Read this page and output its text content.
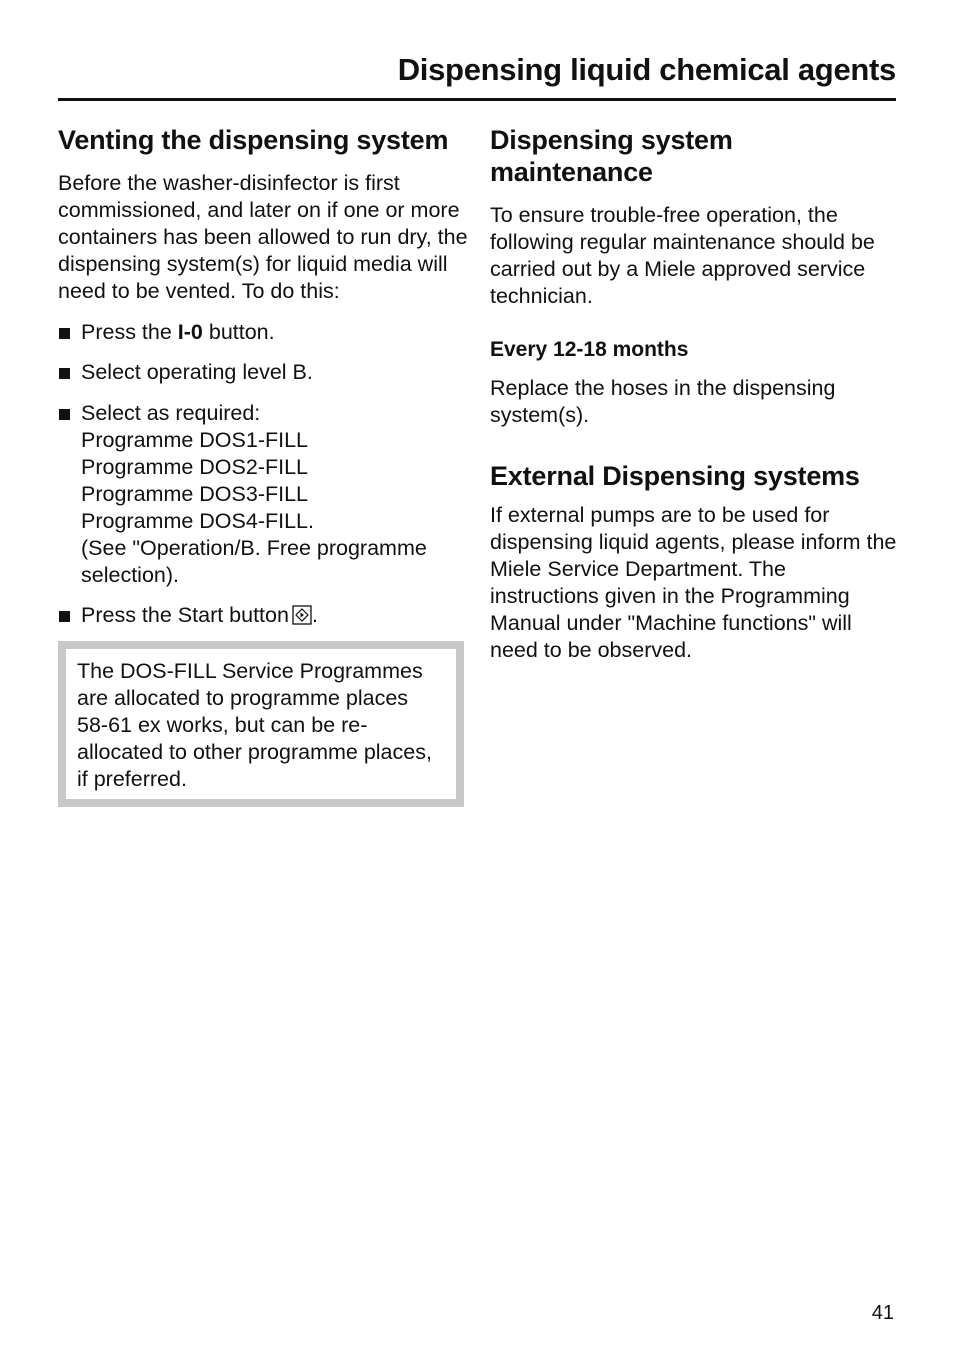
Dispensing liquid chemical agents
Venting the dispensing system

Before the washer-disinfector is first commissioned, and later on if one or more containers has been allowed to run dry, the dispensing system(s) for liquid media will need to be vented. To do this:

Press the I-0 button.
Select operating level B.
Select as required:
Programme DOS1-FILL
Programme DOS2-FILL
Programme DOS3-FILL
Programme DOS4-FILL.
(See "Operation/B. Free programme selection).
Press the Start button .

The DOS-FILL Service Programmes are allocated to programme places 58-61 ex works, but can be re-allocated to other programme places, if preferred.

Dispensing system maintenance

To ensure trouble-free operation, the following regular maintenance should be carried out by a Miele approved service technician.

Every 12-18 months

Replace the hoses in the dispensing system(s).

External Dispensing systems

If external pumps are to be used for dispensing liquid agents, please inform the Miele Service Department. The instructions given in the Programming Manual under "Machine functions" will need to be observed.

41
